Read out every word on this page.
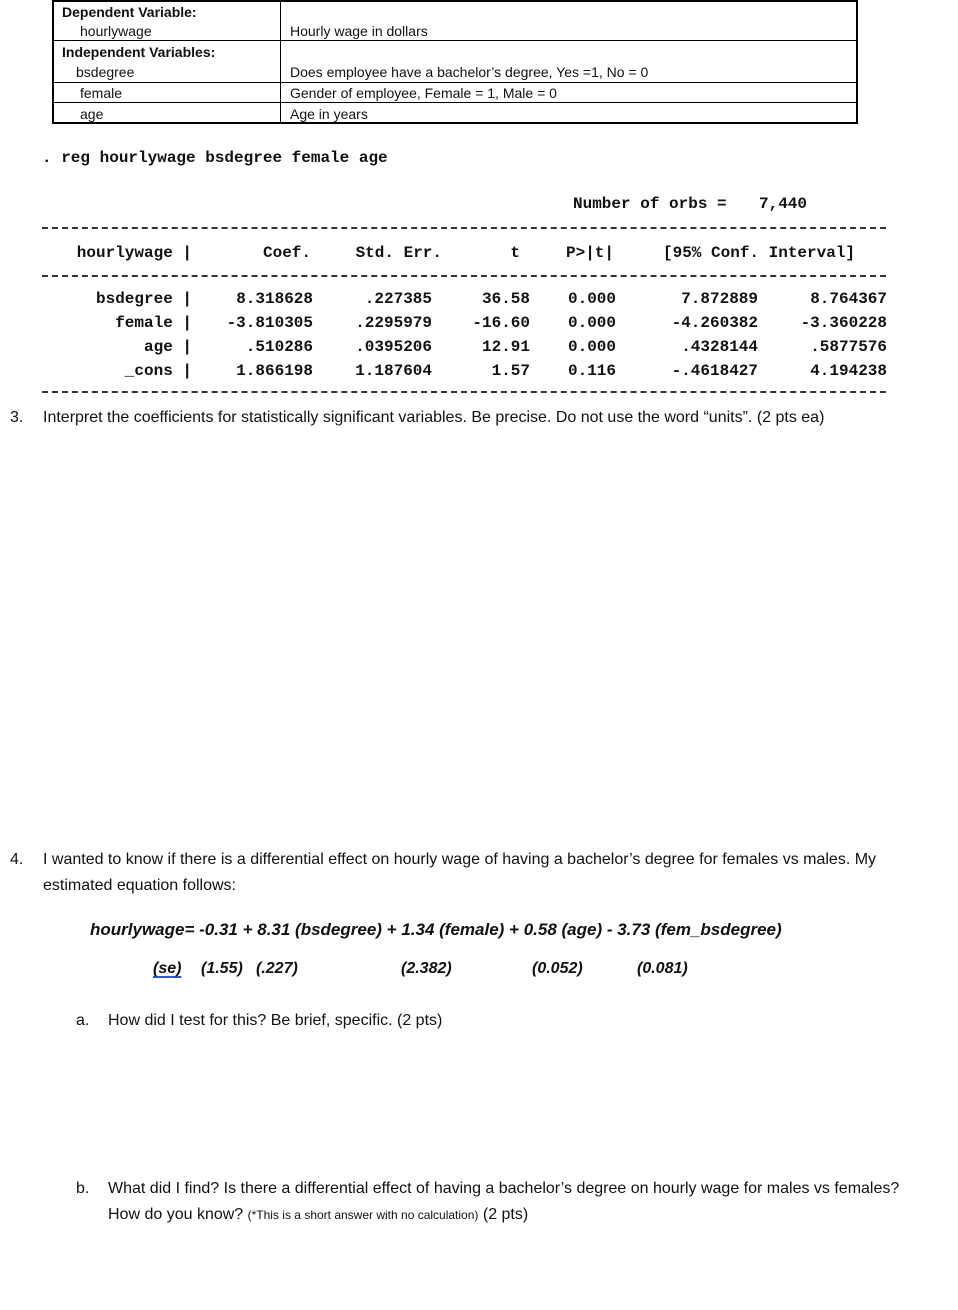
Dependent Variable:
hourlywage	Hourly wage in dollars
Independent Variables:
bsdegree	Does employee have a bachelor’s degree, Yes =1, No = 0
female	Gender of employee, Female = 1, Male = 0
age	Age in years
. reg hourlywage bsdegree female age
Number of orbs = 7,440
hourlywage |	Coef.	Std. Err.	t	P>|t|	[95% Conf. Interval]
bsdegree |	8.318628	.227385	36.58 0.000	7.872889	8.764367
female | -3.810305	.2295979	-16.60 0.000	-4.260382	-3.360228
age |	.510286	.0395206	12.91 0.000	.4328144	.5877576
_cons |	1.866198	1.187604	1.57 0.116	-.4618427	4.194238
3. Interpret the coefficients for statistically significant variables. Be precise. Do not use the word “units”. (2 pts ea)
4. I wanted to know if there is a differential effect on hourly wage of having a bachelor’s degree for females vs males. My
estimated equation follows:
hourlywage= -0.31 + 8.31 (bsdegree) + 1.34 (female) + 0.58 (age) - 3.73 (fem_bsdegree)
(se) (1.55) (.227)	(2.382)	(0.052)	(0.081)
a. How did I test for this? Be brief, specific. (2 pts)
b. What did I find? Is there a differential effect of having a bachelor’s degree on hourly wage for males vs females?
How do you know? (*This is a short answer with no calculation) (2 pts)
